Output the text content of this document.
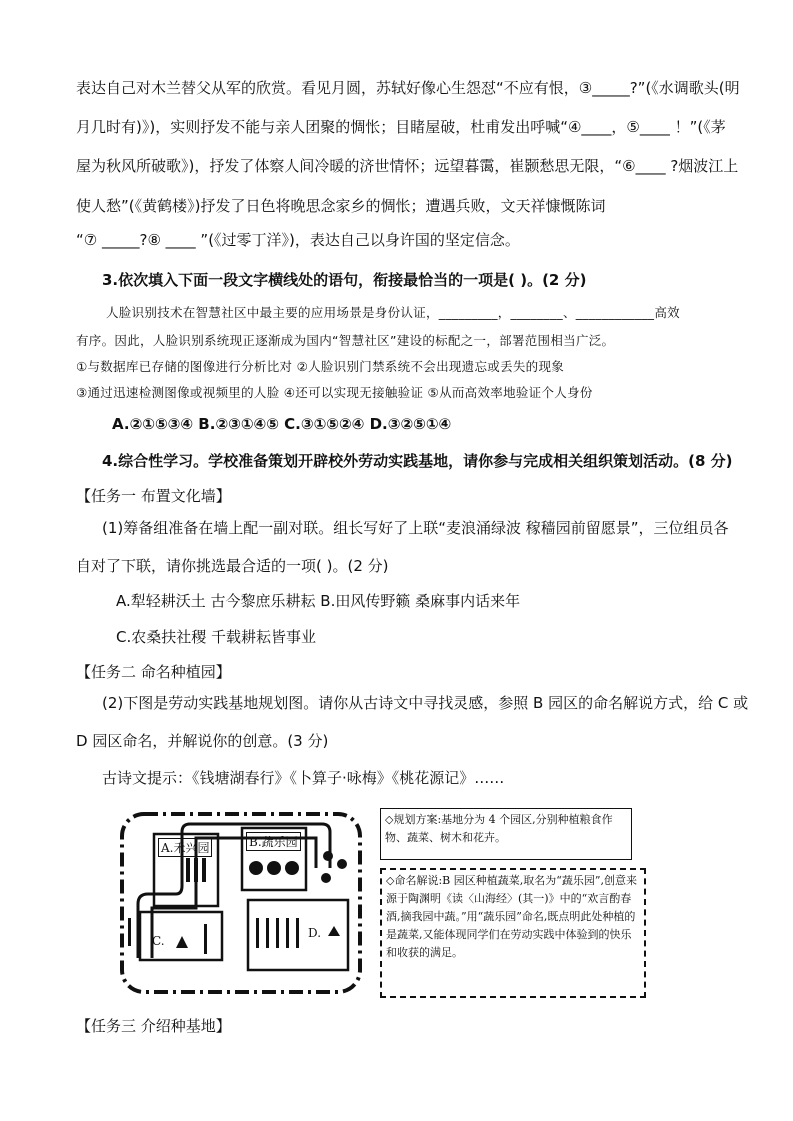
表达自己对木兰替父从军的欣赏。看见月圆，苏轼好像心生怨怼“不应有恨，③_____?”(《水调歌头(明
月几时有)》)，实则抒发不能与亲人团聚的惆怅；目睹屋破，杜甫发出呼喊“④____，⑤____ ！”(《茅
屋为秋风所破歌》)，抒发了体察人间冷暖的济世情怀；远望暮霭，崔颢愁思无限，“⑥____ ?烟波江上
使人愁”(《黄鹤楼》)抒发了日色将晚思念家乡的惆怅；遭遇兵败，文天祥慷慨陈词
“⑦ _____?⑧ ____ ”(《过零丁洋》)，表达自己以身许国的坚定信念。
3.依次填入下面一段文字横线处的语句，衔接最恰当的一项是( )。(2 分)
人脸识别技术在智慧社区中最主要的应用场景是身份认证，_________，________、____________高效
有序。因此，人脸识别系统现正逐渐成为国内“智慧社区”建设的标配之一，部署范围相当广泛。
①与数据库已存储的图像进行分析比对 ②人脸识别门禁系统不会出现遗忘或丢失的现象
③通过迅速检测图像或视频里的人脸 ④还可以实现无接触验证 ⑤从而高效率地验证个人身份
A.②①⑤③④ B.②③①④⑤ C.③①⑤②④ D.③②⑤①④
4.综合性学习。学校准备策划开辟校外劳动实践基地，请你参与完成相关组织策划活动。(8 分)
【任务一 布置文化墙】
(1)筹备组准备在墙上配一副对联。组长写好了上联“麦浪涌绿波 稼穑园前留愿景”，三位组员各
自对了下联，请你挑选最合适的一项( )。(2 分)
A.犁轻耕沃土 古今黎庶乐耕耘 B.田风传野籁 桑麻事内话来年
C.农桑扶社稷 千载耕耘皆事业
【任务二 命名种植园】
(2)下图是劳动实践基地规划图。请你从古诗文中寻找灵感，参照 B 园区的命名解说方式，给 C 或
D 园区命名，并解说你的创意。(3 分)
古诗文提示：《钱塘湖春行》《卜算子·咏梅》《桃花源记》……
A.禾兴园	B.蔬乐园
C.
D.
◇规划方案:基地分为 4 个园区,分别种植粮食作物、蔬菜、树木和花卉。
◇命名解说:B 园区种植蔬菜,取名为“蔬乐园”,创意来源于陶渊明《读〈山海经〉(其一)》中的“欢言酌春酒,摘我园中蔬。”用“蔬乐园”命名,既点明此处种植的是蔬菜,又能体现同学们在劳动实践中体验到的快乐和收获的满足。
【任务三 介绍种基地】
